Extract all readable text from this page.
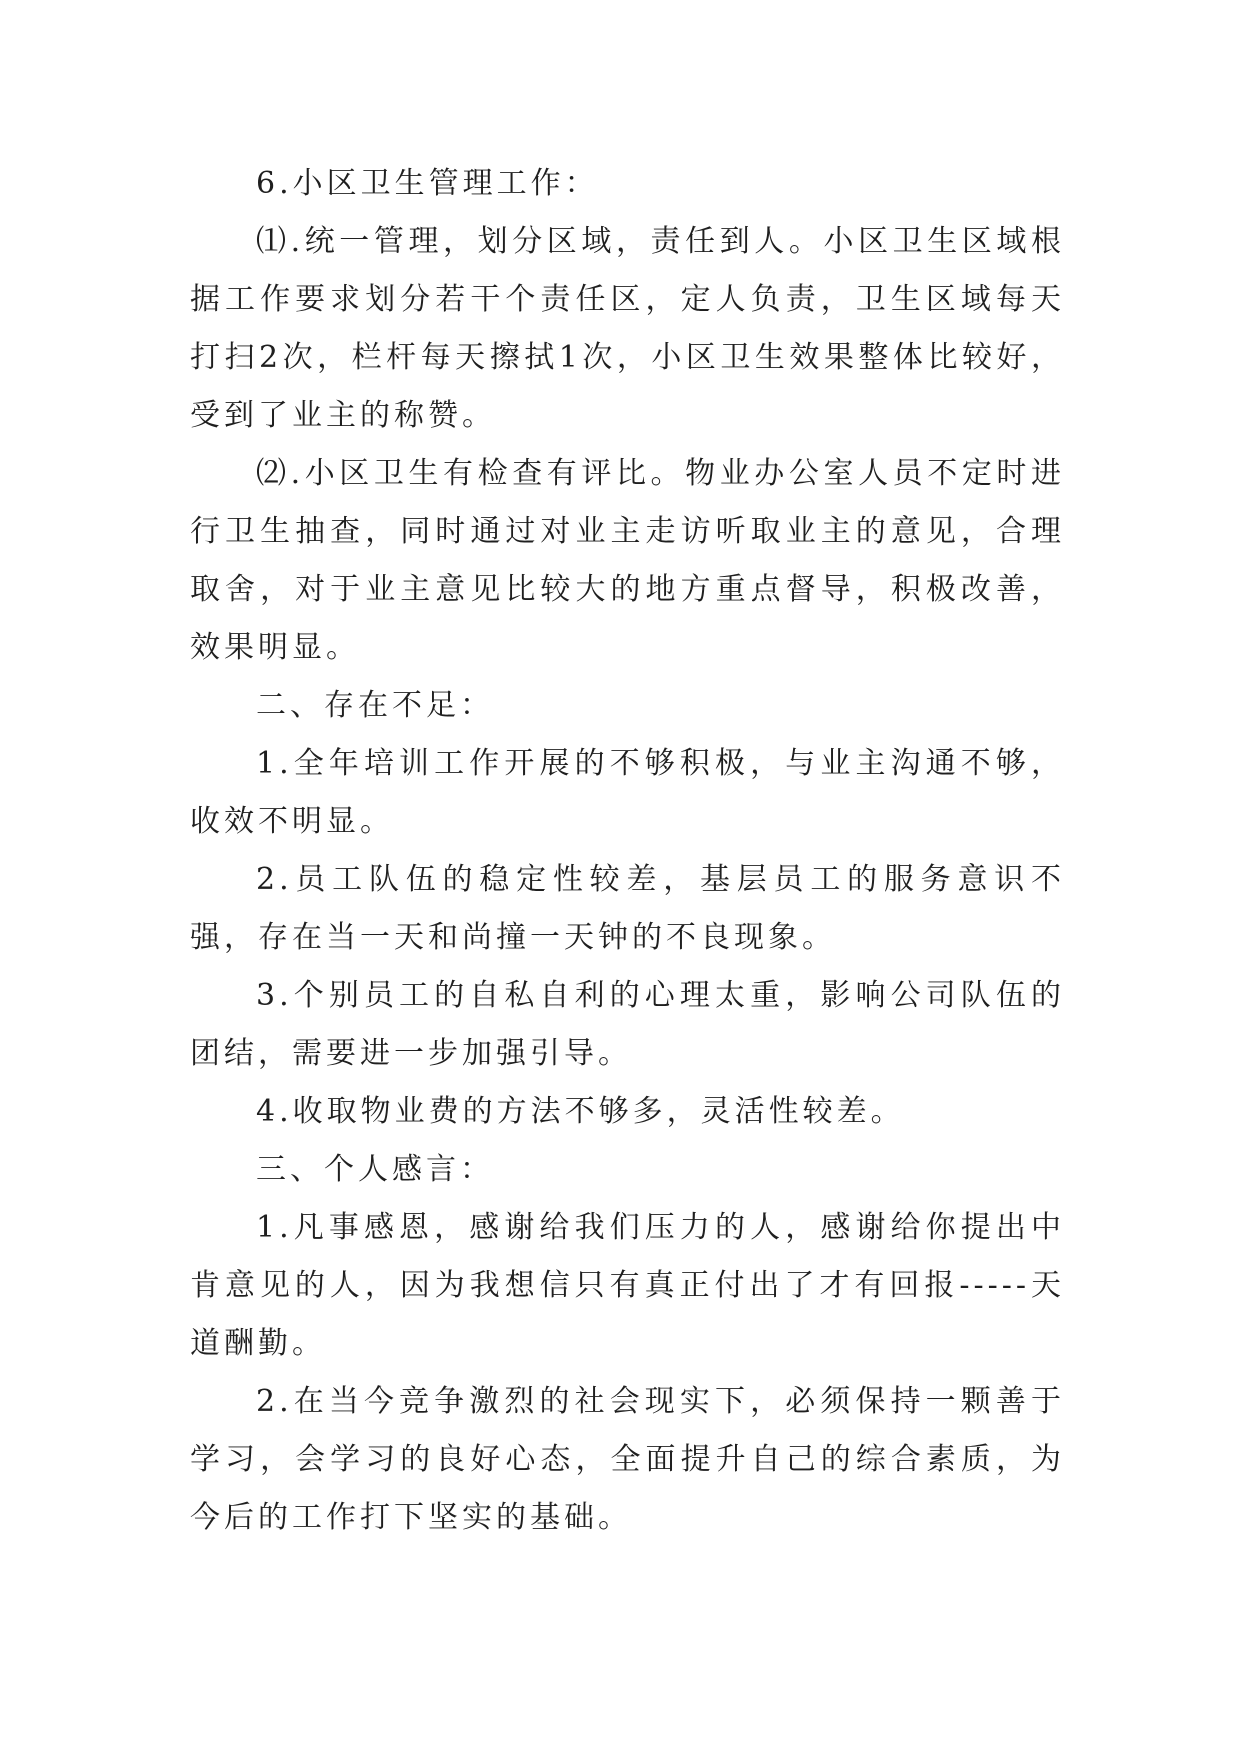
6.小区卫生管理工作：

⑴.统一管理，划分区域，责任到人。小区卫生区域根据工作要求划分若干个责任区，定人负责，卫生区域每天打扫2次，栏杆每天擦拭1次，小区卫生效果整体比较好，受到了业主的称赞。

⑵.小区卫生有检查有评比。物业办公室人员不定时进行卫生抽查，同时通过对业主走访听取业主的意见，合理取舍，对于业主意见比较大的地方重点督导，积极改善，效果明显。

二、存在不足：

1.全年培训工作开展的不够积极，与业主沟通不够，收效不明显。

2.员工队伍的稳定性较差，基层员工的服务意识不强，存在当一天和尚撞一天钟的不良现象。

3.个别员工的自私自利的心理太重，影响公司队伍的团结，需要进一步加强引导。

4.收取物业费的方法不够多，灵活性较差。

三、个人感言：

1.凡事感恩，感谢给我们压力的人，感谢给你提出中肯意见的人，因为我想信只有真正付出了才有回报-----天道酬勤。

2.在当今竞争激烈的社会现实下，必须保持一颗善于学习，会学习的良好心态，全面提升自己的综合素质，为今后的工作打下坚实的基础。
